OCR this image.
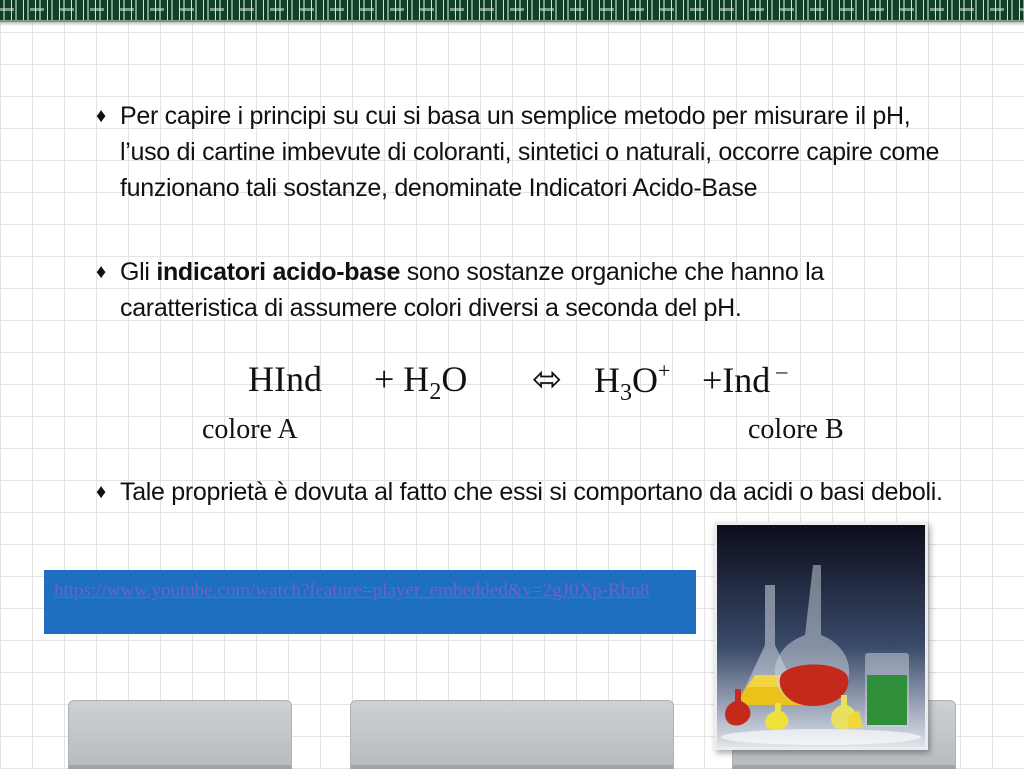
♦ Per capire i principi su cui si basa un semplice metodo per misurare il pH, l’uso di cartine imbevute di coloranti, sintetici o naturali, occorre capire come funzionano tali sostanze, denominate Indicatori Acido-Base
♦ Gli indicatori acido-base sono sostanze organiche che hanno la caratteristica di assumere colori diversi a seconda del pH.
HInd + $H_2O$ ⬄ $H_3O^+ +Ind$ –
colore A	colore B
♦ Tale proprietà è dovuta al fatto che essi si comportano da acidi o basi deboli.
https://www.youtube.com/watch?feature=player_embedded&v=2gJ0Xp-Rbn8
